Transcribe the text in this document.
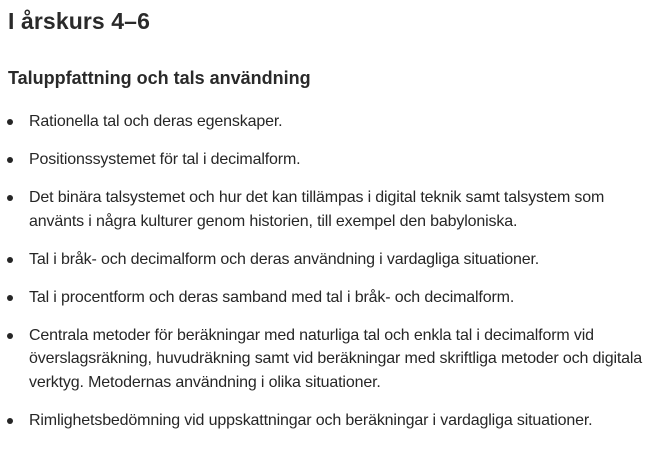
I årskurs 4–6
Taluppfattning och tals användning
Rationella tal och deras egenskaper.
Positionssystemet för tal i decimalform.
Det binära talsystemet och hur det kan tillämpas i digital teknik samt talsystem som använts i några kulturer genom historien, till exempel den babyloniska.
Tal i bråk- och decimalform och deras användning i vardagliga situationer.
Tal i procentform och deras samband med tal i bråk- och decimalform.
Centrala metoder för beräkningar med naturliga tal och enkla tal i decimalform vid överslagsräkning, huvudräkning samt vid beräkningar med skriftliga metoder och digitala verktyg. Metodernas användning i olika situationer.
Rimlighetsbedömning vid uppskattningar och beräkningar i vardagliga situationer.
